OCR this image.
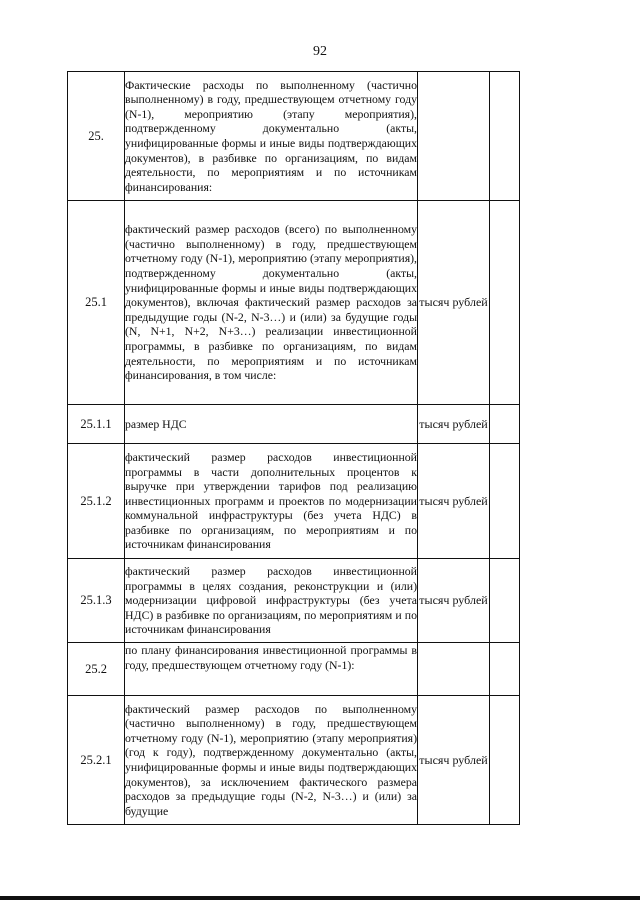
92
25.	Фактические расходы по выполненному (частично выполненному) в году, предшествующем отчетному году (N-1), мероприятию (этапу мероприятия), подтвержденному документально (акты, унифицированные формы и иные виды подтверждающих документов), в разбивке по организациям, по видам деятельности, по мероприятиям и по источникам финансирования:		

25.1	фактический размер расходов (всего) по выполненному (частично выполненному) в году, предшествующем отчетному году (N-1), мероприятию (этапу мероприятия), подтвержденному документально (акты, унифицированные формы и иные виды подтверждающих документов), включая фактический размер расходов за предыдущие годы (N-2, N-3…) и (или) за будущие годы (N, N+1, N+2, N+3…) реализации инвестиционной программы, в разбивке по организациям, по видам деятельности, по мероприятиям и по источникам финансирования, в том числе:	тысяч рублей	
25.1.1	размер НДС	тысяч рублей	
25.1.2	фактический размер расходов инвестиционной программы в части дополнительных процентов к выручке при утверждении тарифов под реализацию инвестиционных программ и проектов по модернизации коммунальной инфраструктуры (без учета НДС) в разбивке по организациям, по мероприятиям и по источникам финансирования	тысяч рублей	
25.1.3	фактический размер расходов инвестиционной программы в целях создания, реконструкции и (или) модернизации цифровой инфраструктуры (без учета НДС) в разбивке по организациям, по мероприятиям и по источникам финансирования	тысяч рублей	
25.2	по плану финансирования инвестиционной программы в году, предшествующем отчетному году (N-1):		

25.2.1	фактический размер расходов по выполненному (частично выполненному) в году, предшествующем отчетному году (N-1), мероприятию (этапу мероприятия) (год к году), подтвержденному документально (акты, унифицированные формы и иные виды подтверждающих документов), за исключением фактического размера расходов за предыдущие годы (N-2, N-3…) и (или) за будущие	тысяч рублей	
